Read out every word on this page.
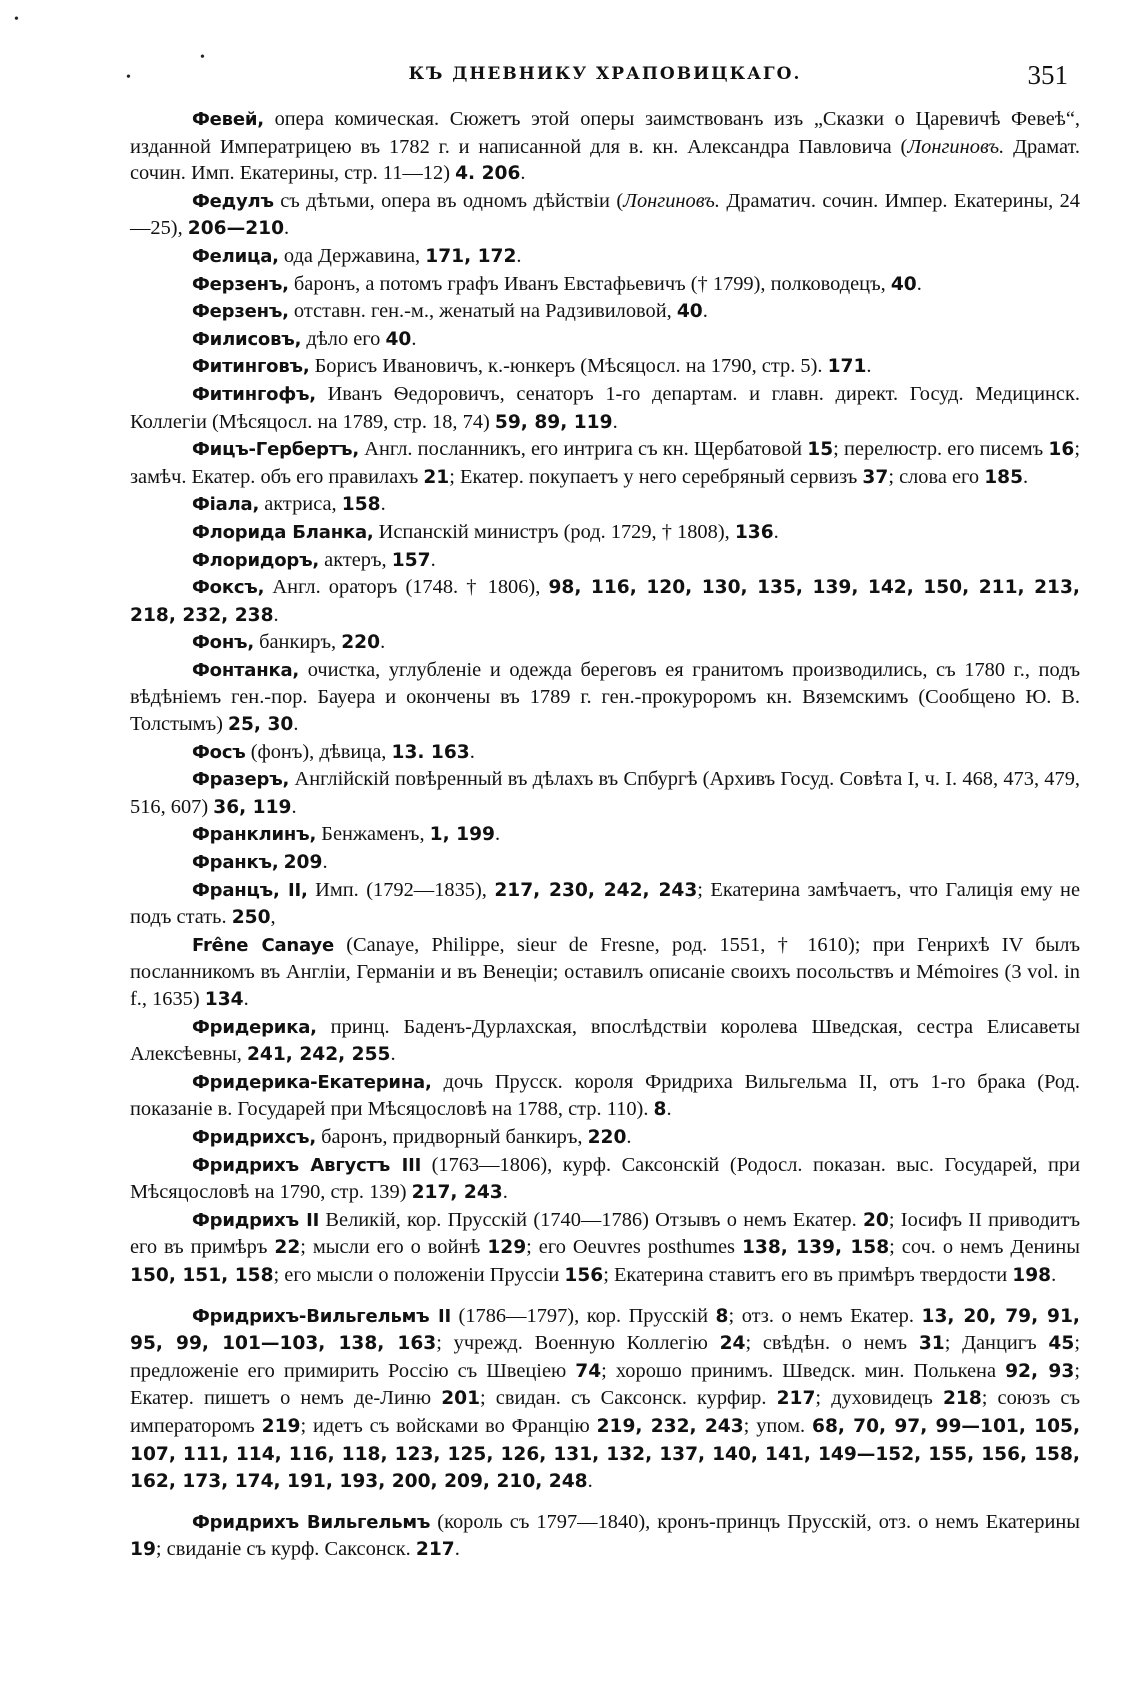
•
•
•	КЪ ДНЕВНИКУ ХРАПОВИЦКАГО.	351

Февей, опера комическая. Сюжетъ этой оперы заимствованъ изъ „Сказки о Царевичѣ Февеѣ“, изданной Императрицею въ 1782 г. и написанной для в. кн. Александра Павловича (Лонгиновъ. Драмат. сочин. Имп. Екатерины, стр. 11—12) 4. 206.

Федулъ съ дѣтьми, опера въ одномъ дѣйствіи (Лонгиновъ. Драматич. сочин. Импер. Екатерины, 24—25), 206—210.

Фелица, ода Державина, 171, 172.

Ферзенъ, баронъ, а потомъ графъ Иванъ Евстафьевичъ († 1799), полководецъ, 40.

Ферзенъ, отставн. ген.-м., женатый на Радзивиловой, 40.

Филисовъ, дѣло его 40.

Фитинговъ, Борисъ Ивановичъ, к.-юнкеръ (Мѣсяцосл. на 1790, стр. 5). 171.

Фитингофъ, Иванъ Ѳедоровичъ, сенаторъ 1-го департам. и главн. директ. Госуд. Медицинск. Коллегіи (Мѣсяцосл. на 1789, стр. 18, 74) 59, 89, 119.

Фицъ-Гербертъ, Англ. посланникъ, его интрига съ кн. Щербатовой 15; перелюстр. его писемъ 16; замѣч. Екатер. объ его правилахъ 21; Екатер. покупаетъ у него серебряный сервизъ 37; слова его 185.

Фіала, актриса, 158.

Флорида Бланка, Испанскій министръ (род. 1729, † 1808), 136.

Флоридоръ, актеръ, 157.

Фоксъ, Англ. ораторъ (1748. † 1806), 98, 116, 120, 130, 135, 139, 142, 150, 211, 213, 218, 232, 238.

Фонъ, банкиръ, 220.

Фонтанка, очистка, углубленіе и одежда береговъ ея гранитомъ производились, съ 1780 г., подъ вѣдѣніемъ ген.-пор. Бауера и окончены въ 1789 г. ген.-прокуроромъ кн. Вяземскимъ (Сообщено Ю. В. Толстымъ) 25, 30.

Фосъ (фонъ), дѣвица, 13. 163.

Фразеръ, Англійскій повѣренный въ дѣлахъ въ Спбургѣ (Архивъ Госуд. Совѣта I, ч. I. 468, 473, 479, 516, 607) 36, 119.

Франклинъ, Бенжаменъ, 1, 199.

Франкъ, 209.

Францъ, II, Имп. (1792—1835), 217, 230, 242, 243; Екатерина замѣчаетъ, что Галиція ему не подъ стать. 250,

Frêne Canaye (Canaye, Philippe, sieur de Fresne, род. 1551, † 1610); при Генрихѣ IV былъ посланникомъ въ Англіи, Германіи и въ Венеціи; оставилъ описаніе своихъ посольствъ и Mémoires (3 vol. in f., 1635) 134.

Фридерика, принц. Баденъ-Дурлахская, впослѣдствіи королева Шведская, сестра Елисаветы Алексѣевны, 241, 242, 255.

Фридерика-Екатерина, дочь Прусск. короля Фридриха Вильгельма II, отъ 1-го брака (Род. показаніе в. Государей при Мѣсяцословѣ на 1788, стр. 110). 8.

Фридрихсъ, баронъ, придворный банкиръ, 220.

Фридрихъ Августъ III (1763—1806), курф. Саксонскій (Родосл. показан. выс. Государей, при Мѣсяцословѣ на 1790, стр. 139) 217, 243.

Фридрихъ II Великій, кор. Прусскій (1740—1786) Отзывъ о немъ Екатер. 20; Іосифъ II приводитъ его въ примѣръ 22; мысли его о войнѣ 129; его Oeuvres posthumes 138, 139, 158; соч. о немъ Денины 150, 151, 158; его мысли о положеніи Пруссіи 156; Екатерина ставитъ его въ примѣръ твердости 198.

Фридрихъ-Вильгельмъ II (1786—1797), кор. Прусскій 8; отз. о немъ Екатер. 13, 20, 79, 91, 95, 99, 101—103, 138, 163; учрежд. Военную Коллегію 24; свѣдѣн. о немъ 31; Данцигъ 45; предложеніе его примирить Россію съ Швеціею 74; хорошо принимъ. Шведск. мин. Полькена 92, 93; Екатер. пишетъ о немъ де-Линю 201; свидан. съ Саксонск. курфир. 217; духовидецъ 218; союзъ съ императоромъ 219; идетъ съ войсками во Францію 219, 232, 243; упом. 68, 70, 97, 99—101, 105, 107, 111, 114, 116, 118, 123, 125, 126, 131, 132, 137, 140, 141, 149—152, 155, 156, 158, 162, 173, 174, 191, 193, 200, 209, 210, 248.

Фридрихъ Вильгельмъ (король съ 1797—1840), кронъ-принцъ Прусскій, отз. о немъ Екатерины 19; свиданіе съ курф. Саксонск. 217.
